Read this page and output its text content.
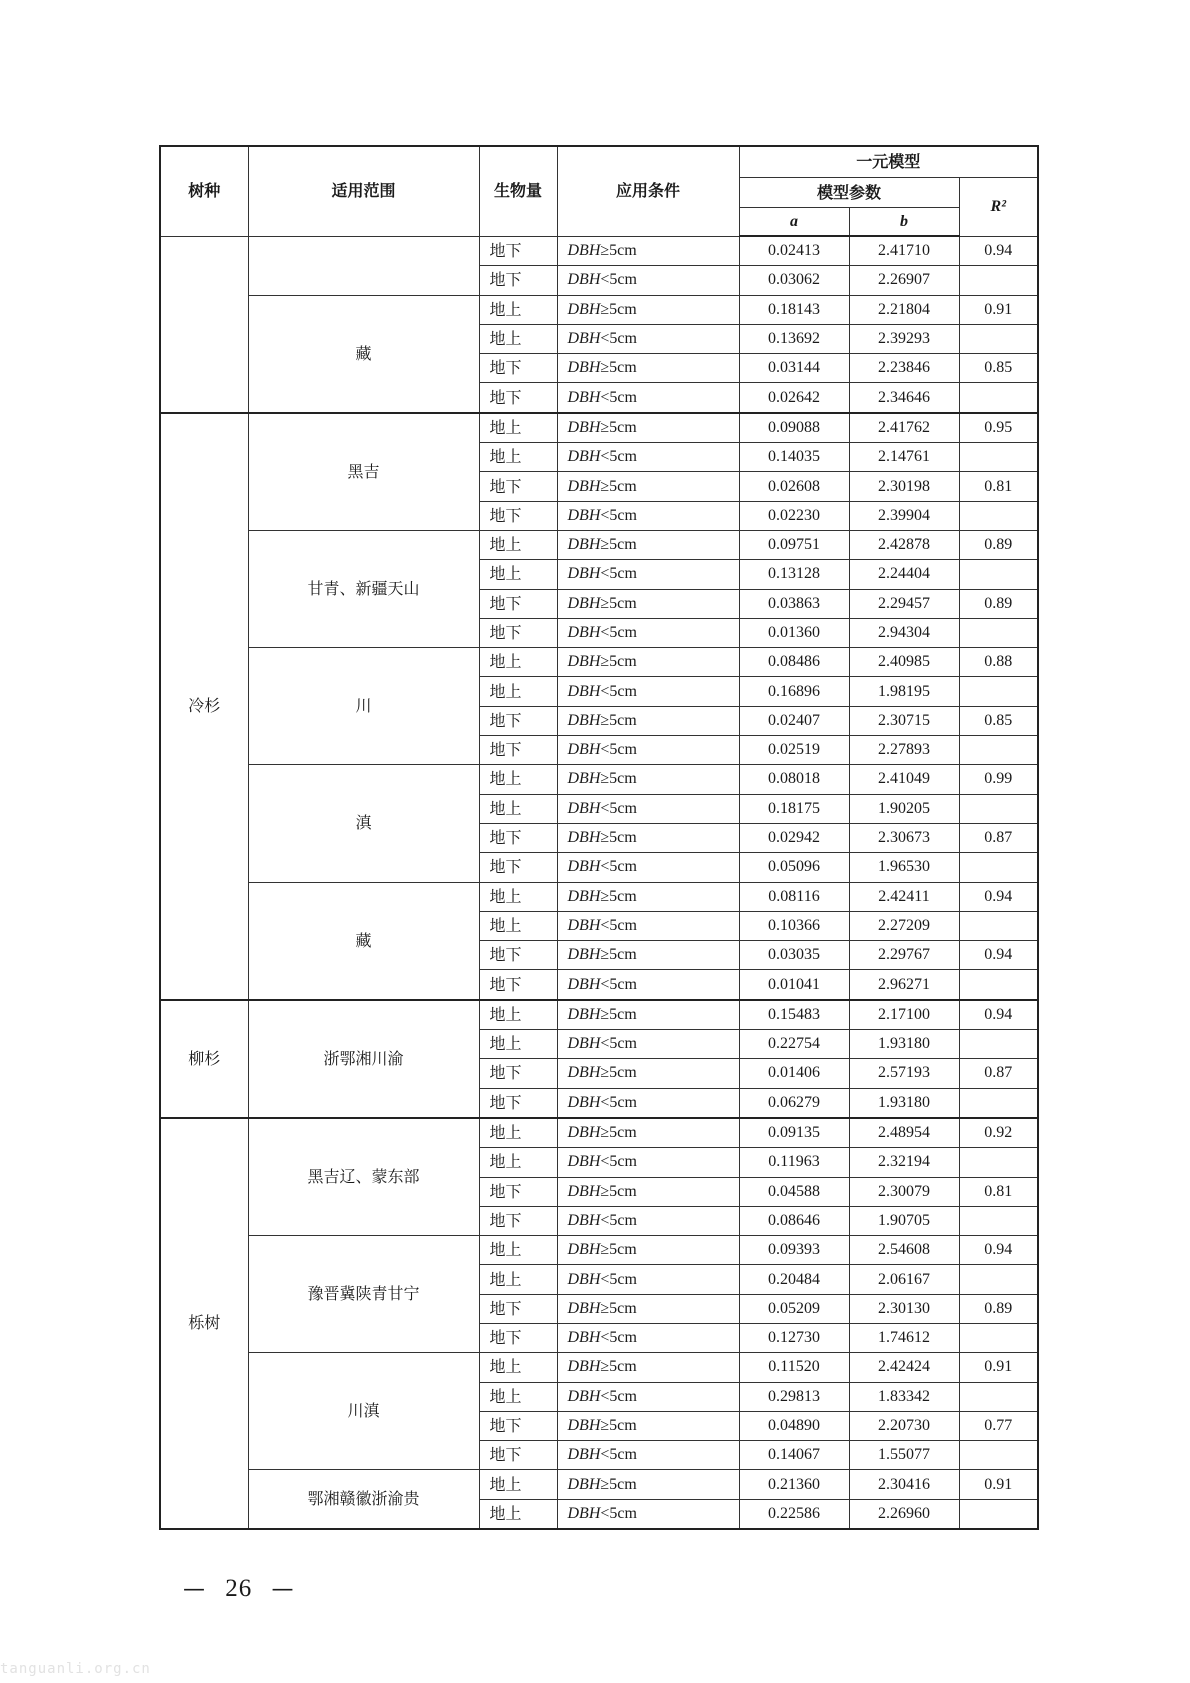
树种	适用范围	生物量	应用条件	一元模型		
				模型参数		R²
				a	b	
		地下	DBH≥5cm	0.02413	2.41710	0.94
		地下	DBH<5cm	0.03062	2.26907	
	藏	地上	DBH≥5cm	0.18143	2.21804	0.91
		地上	DBH<5cm	0.13692	2.39293	
		地下	DBH≥5cm	0.03144	2.23846	0.85
		地下	DBH<5cm	0.02642	2.34646	
冷杉	黑吉	地上	DBH≥5cm	0.09088	2.41762	0.95
		地上	DBH<5cm	0.14035	2.14761	
		地下	DBH≥5cm	0.02608	2.30198	0.81
		地下	DBH<5cm	0.02230	2.39904	
	甘青、新疆天山	地上	DBH≥5cm	0.09751	2.42878	0.89
		地上	DBH<5cm	0.13128	2.24404	
		地下	DBH≥5cm	0.03863	2.29457	0.89
		地下	DBH<5cm	0.01360	2.94304	
	川	地上	DBH≥5cm	0.08486	2.40985	0.88
		地上	DBH<5cm	0.16896	1.98195	
		地下	DBH≥5cm	0.02407	2.30715	0.85
		地下	DBH<5cm	0.02519	2.27893	
	滇	地上	DBH≥5cm	0.08018	2.41049	0.99
		地上	DBH<5cm	0.18175	1.90205	
		地下	DBH≥5cm	0.02942	2.30673	0.87
		地下	DBH<5cm	0.05096	1.96530	
	藏	地上	DBH≥5cm	0.08116	2.42411	0.94
		地上	DBH<5cm	0.10366	2.27209	
		地下	DBH≥5cm	0.03035	2.29767	0.94
		地下	DBH<5cm	0.01041	2.96271	
柳杉	浙鄂湘川渝	地上	DBH≥5cm	0.15483	2.17100	0.94
		地上	DBH<5cm	0.22754	1.93180	
		地下	DBH≥5cm	0.01406	2.57193	0.87
		地下	DBH<5cm	0.06279	1.93180	
栎树	黑吉辽、蒙东部	地上	DBH≥5cm	0.09135	2.48954	0.92
		地上	DBH<5cm	0.11963	2.32194	
		地下	DBH≥5cm	0.04588	2.30079	0.81
		地下	DBH<5cm	0.08646	1.90705	
	豫晋冀陕青甘宁	地上	DBH≥5cm	0.09393	2.54608	0.94
		地上	DBH<5cm	0.20484	2.06167	
		地下	DBH≥5cm	0.05209	2.30130	0.89
		地下	DBH<5cm	0.12730	1.74612	
	川滇	地上	DBH≥5cm	0.11520	2.42424	0.91
		地上	DBH<5cm	0.29813	1.83342	
		地下	DBH≥5cm	0.04890	2.20730	0.77
		地下	DBH<5cm	0.14067	1.55077	
	鄂湘赣徽浙渝贵	地上	DBH≥5cm	0.21360	2.30416	0.91
		地上	DBH<5cm	0.22586	2.26960	
— 26 —
tanguanli.org.cn
